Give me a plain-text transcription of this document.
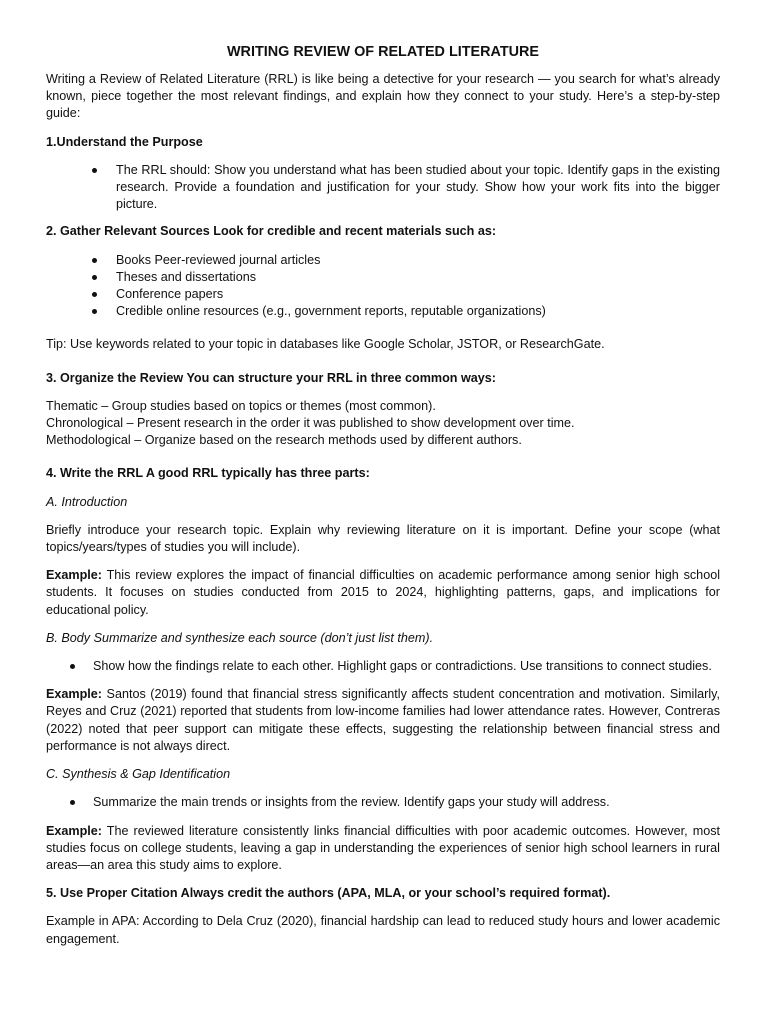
WRITING REVIEW OF RELATED LITERATURE

Writing a Review of Related Literature (RRL) is like being a detective for your research — you search for what’s already known, piece together the most relevant findings, and explain how they connect to your study. Here’s a step-by-step guide:

1.Understand the Purpose

The RRL should: Show you understand what has been studied about your topic. Identify gaps in the existing research. Provide a foundation and justification for your study. Show how your work fits into the bigger picture.

2. Gather Relevant Sources Look for credible and recent materials such as:

Books Peer-reviewed journal articles
Theses and dissertations
Conference papers
Credible online resources (e.g., government reports, reputable organizations)

Tip: Use keywords related to your topic in databases like Google Scholar, JSTOR, or ResearchGate.

3. Organize the Review You can structure your RRL in three common ways:

Thematic – Group studies based on topics or themes (most common).

Chronological – Present research in the order it was published to show development over time.

Methodological – Organize based on the research methods used by different authors.

4. Write the RRL A good RRL typically has three parts:

A. Introduction

Briefly introduce your research topic. Explain why reviewing literature on it is important. Define your scope (what topics/years/types of studies you will include).

Example: This review explores the impact of financial difficulties on academic performance among senior high school students. It focuses on studies conducted from 2015 to 2024, highlighting patterns, gaps, and implications for educational policy.

B. Body Summarize and synthesize each source (don’t just list them).

Show how the findings relate to each other. Highlight gaps or contradictions. Use transitions to connect studies.

Example: Santos (2019) found that financial stress significantly affects student concentration and motivation. Similarly, Reyes and Cruz (2021) reported that students from low-income families had lower attendance rates. However, Contreras (2022) noted that peer support can mitigate these effects, suggesting the relationship between financial stress and performance is not always direct.

C. Synthesis & Gap Identification

Summarize the main trends or insights from the review. Identify gaps your study will address.

Example: The reviewed literature consistently links financial difficulties with poor academic outcomes. However, most studies focus on college students, leaving a gap in understanding the experiences of senior high school learners in rural areas—an area this study aims to explore.

5. Use Proper Citation Always credit the authors (APA, MLA, or your school’s required format).

Example in APA: According to Dela Cruz (2020), financial hardship can lead to reduced study hours and lower academic engagement.
